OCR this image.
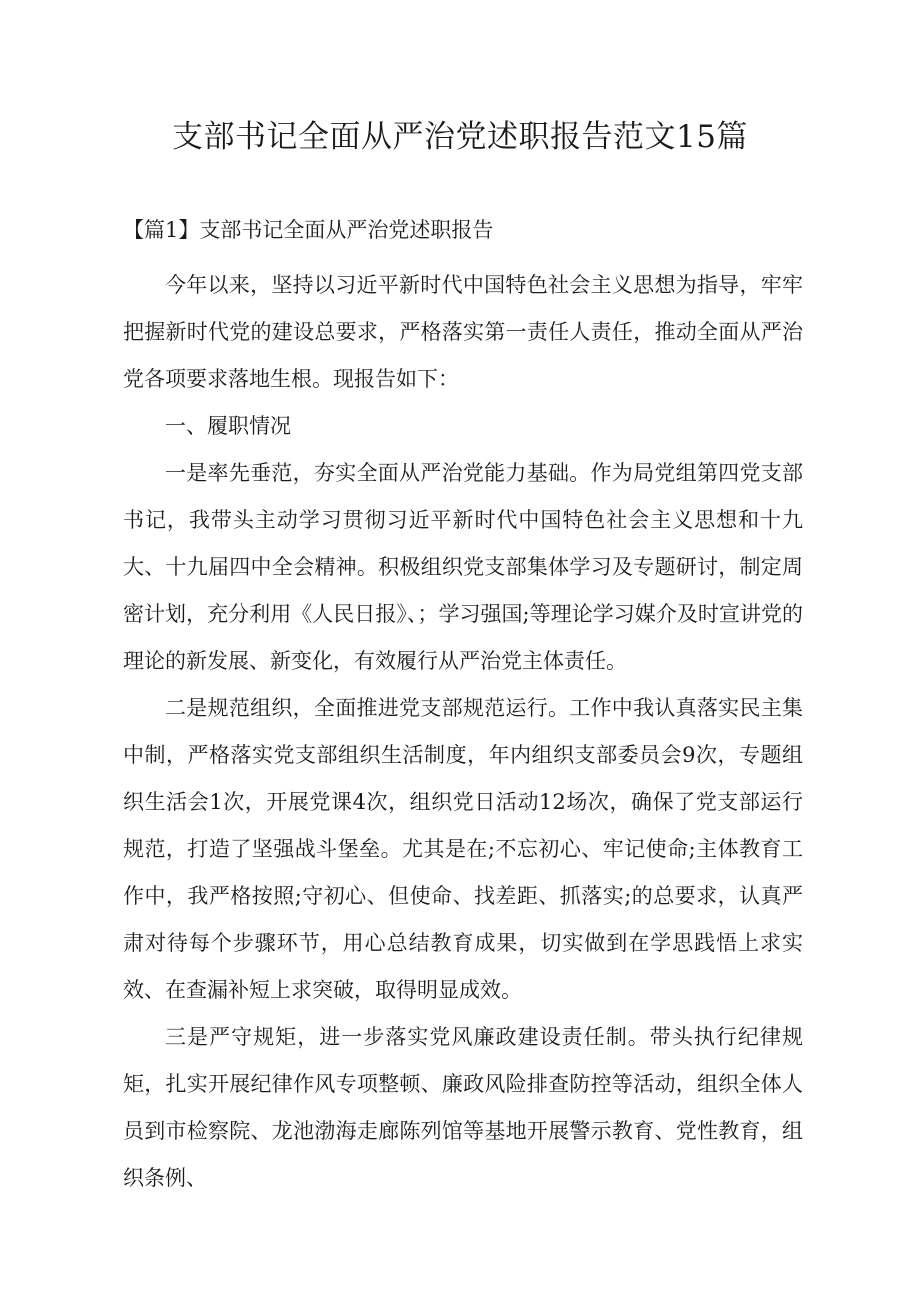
支部书记全面从严治党述职报告范文15篇
【篇1】支部书记全面从严治党述职报告

今年以来，坚持以习近平新时代中国特色社会主义思想为指导，牢牢把握新时代党的建设总要求，严格落实第一责任人责任，推动全面从严治党各项要求落地生根。现报告如下：

一、履职情况

一是率先垂范，夯实全面从严治党能力基础。作为局党组第四党支部书记，我带头主动学习贯彻习近平新时代中国特色社会主义思想和十九大、十九届四中全会精神。积极组织党支部集体学习及专题研讨，制定周密计划，充分利用《人民日报》、；学习强国;等理论学习媒介及时宣讲党的理论的新发展、新变化，有效履行从严治党主体责任。

二是规范组织，全面推进党支部规范运行。工作中我认真落实民主集中制，严格落实党支部组织生活制度，年内组织支部委员会9次，专题组织生活会1次，开展党课4次，组织党日活动12场次，确保了党支部运行规范，打造了坚强战斗堡垒。尤其是在;不忘初心、牢记使命;主体教育工作中，我严格按照;守初心、但使命、找差距、抓落实;的总要求，认真严肃对待每个步骤环节，用心总结教育成果，切实做到在学思践悟上求实效、在查漏补短上求突破，取得明显成效。

三是严守规矩，进一步落实党风廉政建设责任制。带头执行纪律规矩，扎实开展纪律作风专项整顿、廉政风险排查防控等活动，组织全体人员到市检察院、龙池渤海走廊陈列馆等基地开展警示教育、党性教育，组织条例、
